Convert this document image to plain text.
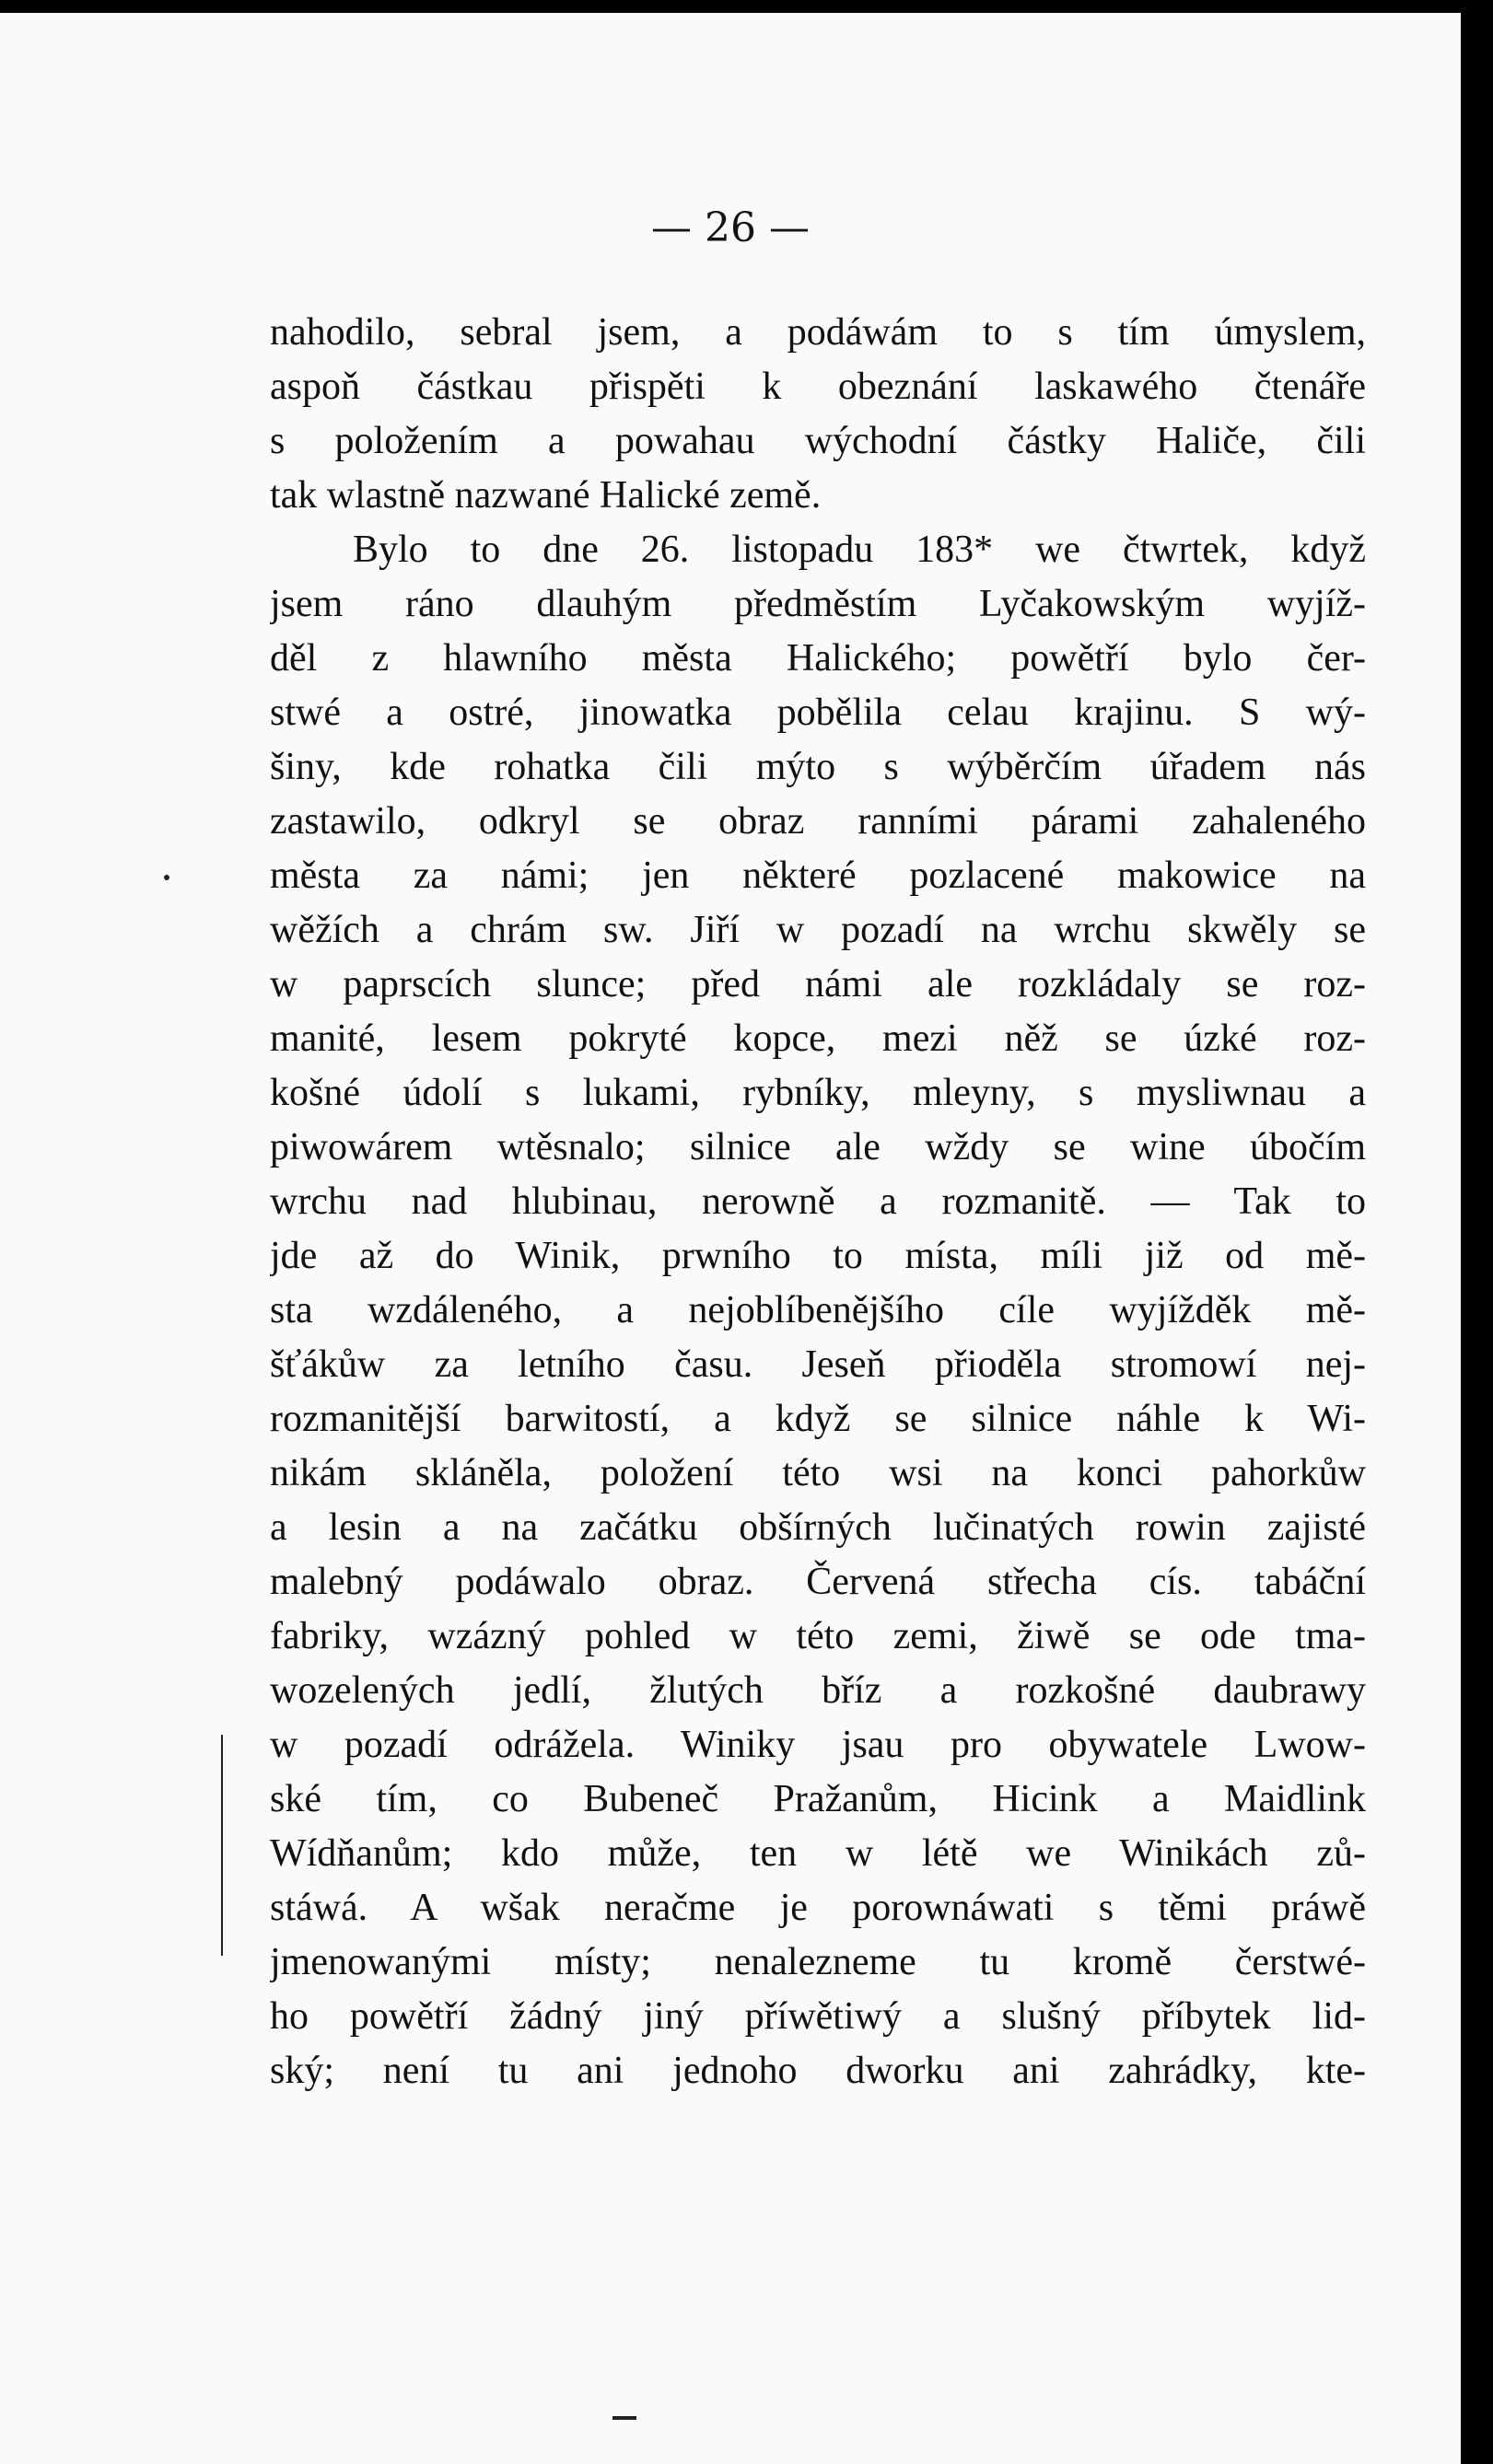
— 26 —
nahodilo, sebral jsem, a podáwám to s tím úmyslem,
aspoň částkau přispěti k obeznání laskawého čtenáře
s položením a powahau wýchodní částky Haliče, čili
tak wlastně nazwané Halické země.
Bylo to dne 26. listopadu 183* we čtwrtek, když
jsem ráno dlauhým předměstím Lyčakowským wyjíž-
děl z hlawního města Halického; powětří bylo čer-
stwé a ostré, jinowatka pobělila celau krajinu. S wý-
šiny, kde rohatka čili mýto s wýběrčím úřadem nás
zastawilo, odkryl se obraz ranními párami zahaleného
města za námi; jen některé pozlacené makowice na
wěžích a chrám sw. Jiří w pozadí na wrchu skwěly se
w paprscích slunce; před námi ale rozkládaly se roz-
manité, lesem pokryté kopce, mezi něž se úzké roz-
košné údolí s lukami, rybníky, mleyny, s myslіwnau a
piwowárem wtěsnalo; silnice ale wždy se wine úbočím
wrchu nad hlubinau, nerowně a rozmanitě. — Tak to
jde až do Winik, prwního to místa, míli již od mě-
sta wzdáleného, a nejoblíbenějšího cíle wyjížděk mě-
šťákůw za letního času. Jeseň přioděla stromowí nej-
rozmanitější barwitostí, a když se silnice náhle k Wi-
nikám skláněla, položení této wsi na konci pahorkůw
a lesin a na začátku obšírných lučinatých rowin zajisté
malebný podáwalo obraz. Červená střecha cís. tabáční
fabriky, wzázný pohled w této zemi, žiwě se ode tma-
wozelených jedlí, žlutých bříz a rozkošné daubrawy
w pozadí odrážela. Winiky jsau pro obywatele Lwow-
ské tím, co Bubeneč Pražanům, Hicink a Maidlink
Wídňanům; kdo může, ten w létě we Winikách zů-
stáwá. A wšak neračme je porownáwati s těmi práwě
jmenowanými místy; nenalezneme tu kromě čerstwé-
ho powětří žádný jiný příwětiwý a slušný příbytek lid-
ský; není tu ani jednoho dworku ani zahrádky, kte-
